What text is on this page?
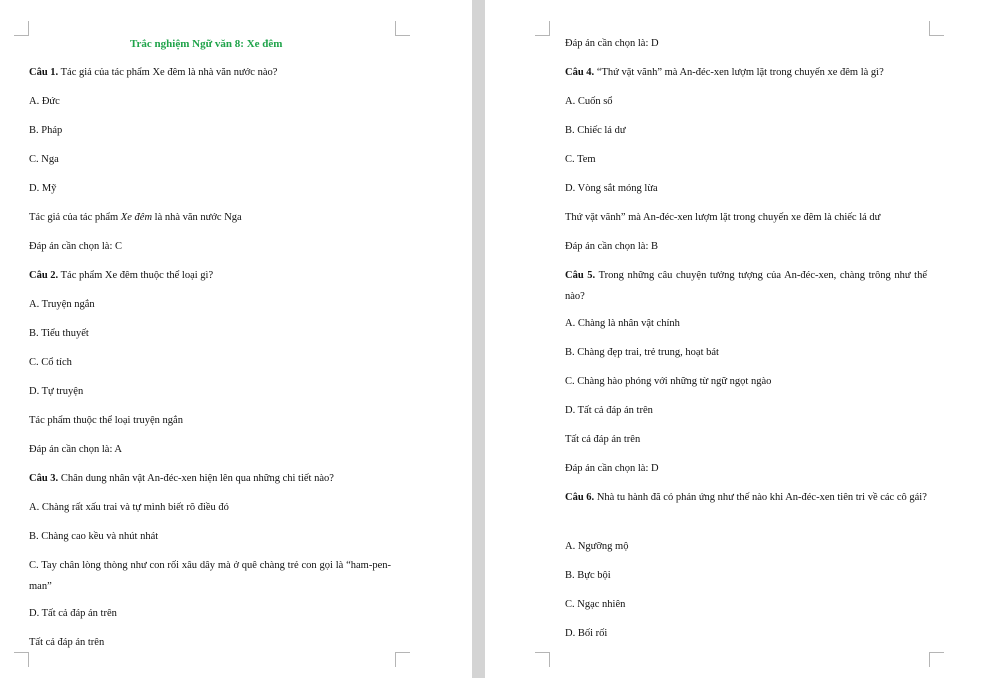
Trắc nghiệm Ngữ văn 8: Xe đêm

Câu 1. Tác giả của tác phẩm Xe đêm là nhà văn nước nào?

A. Đức

B. Pháp

C. Nga

D. Mỹ

Tác giả của tác phẩm Xe đêm là nhà văn nước Nga

Đáp án cần chọn là: C

Câu 2. Tác phẩm Xe đêm thuộc thể loại gì?

A. Truyện ngắn

B. Tiểu thuyết

C. Cổ tích

D. Tự truyện

Tác phẩm thuộc thể loại truyện ngắn

Đáp án cần chọn là: A

Câu 3. Chân dung nhân vật An-đéc-xen hiện lên qua những chi tiết nào?

A. Chàng rất xấu trai và tự mình biết rõ điều đó

B. Chàng cao kều và nhút nhát

C. Tay chân lòng thòng như con rối xâu dây mà ở quê chàng trẻ con gọi là “ham-pen-man”

D. Tất cả đáp án trên

Tất cả đáp án trên

Đáp án cần chọn là: D

Câu 4. “Thứ vặt vãnh” mà An-đéc-xen lượm lặt trong chuyến xe đêm là gì?

A. Cuốn sổ

B. Chiếc lá dư

C. Tem

D. Vòng sắt móng lừa

Thứ vặt vãnh” mà An-đéc-xen lượm lặt trong chuyến xe đêm là chiếc lá dư

Đáp án cần chọn là: B

Câu 5. Trong những câu chuyện tưởng tượng của An-đéc-xen, chàng trông như thế nào?

A. Chàng là nhân vật chính

B. Chàng đẹp trai, trẻ trung, hoạt bát

C. Chàng hào phóng với những từ ngữ ngọt ngào

D. Tất cả đáp án trên

Tất cả đáp án trên

Đáp án cần chọn là: D

Câu 6. Nhà tu hành đã có phản ứng như thế nào khi An-đéc-xen tiên tri về các cô gái?

A. Ngưỡng mộ

B. Bực bội

C. Ngạc nhiên

D. Bối rối
